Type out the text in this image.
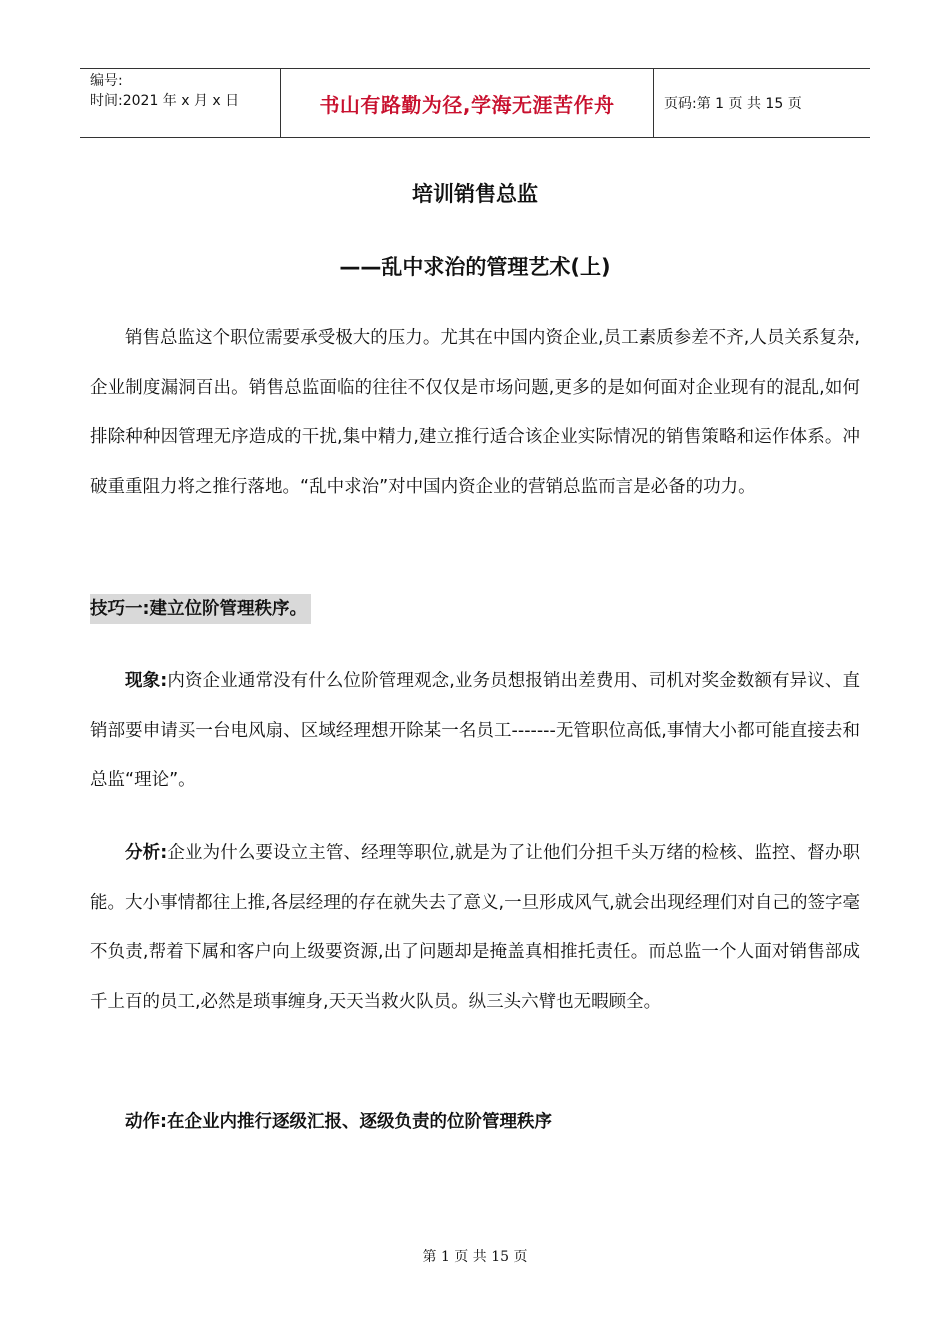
编号:
时间:2021 年 x 月 x 日	书山有路勤为径,学海无涯苦作舟	页码:第 1 页 共 15 页
培训销售总监
——乱中求治的管理艺术(上)

销售总监这个职位需要承受极大的压力。尤其在中国内资企业,员工素质参差不齐,人员关系复杂,企业制度漏洞百出。销售总监面临的往往不仅仅是市场问题,更多的是如何面对企业现有的混乱,如何排除种种因管理无序造成的干扰,集中精力,建立推行适合该企业实际情况的销售策略和运作体系。冲破重重阻力将之推行落地。“乱中求治”对中国内资企业的营销总监而言是必备的功力。

技巧一:建立位阶管理秩序。

现象:内资企业通常没有什么位阶管理观念,业务员想报销出差费用、司机对奖金数额有异议、直销部要申请买一台电风扇、区域经理想开除某一名员工-------无管职位高低,事情大小都可能直接去和总监“理论”。

分析:企业为什么要设立主管、经理等职位,就是为了让他们分担千头万绪的检核、监控、督办职能。大小事情都往上推,各层经理的存在就失去了意义,一旦形成风气,就会出现经理们对自己的签字毫不负责,帮着下属和客户向上级要资源,出了问题却是掩盖真相推托责任。而总监一个人面对销售部成千上百的员工,必然是琐事缠身,天天当救火队员。纵三头六臂也无暇顾全。

动作:在企业内推行逐级汇报、逐级负责的位阶管理秩序

第 1 页 共 15 页
